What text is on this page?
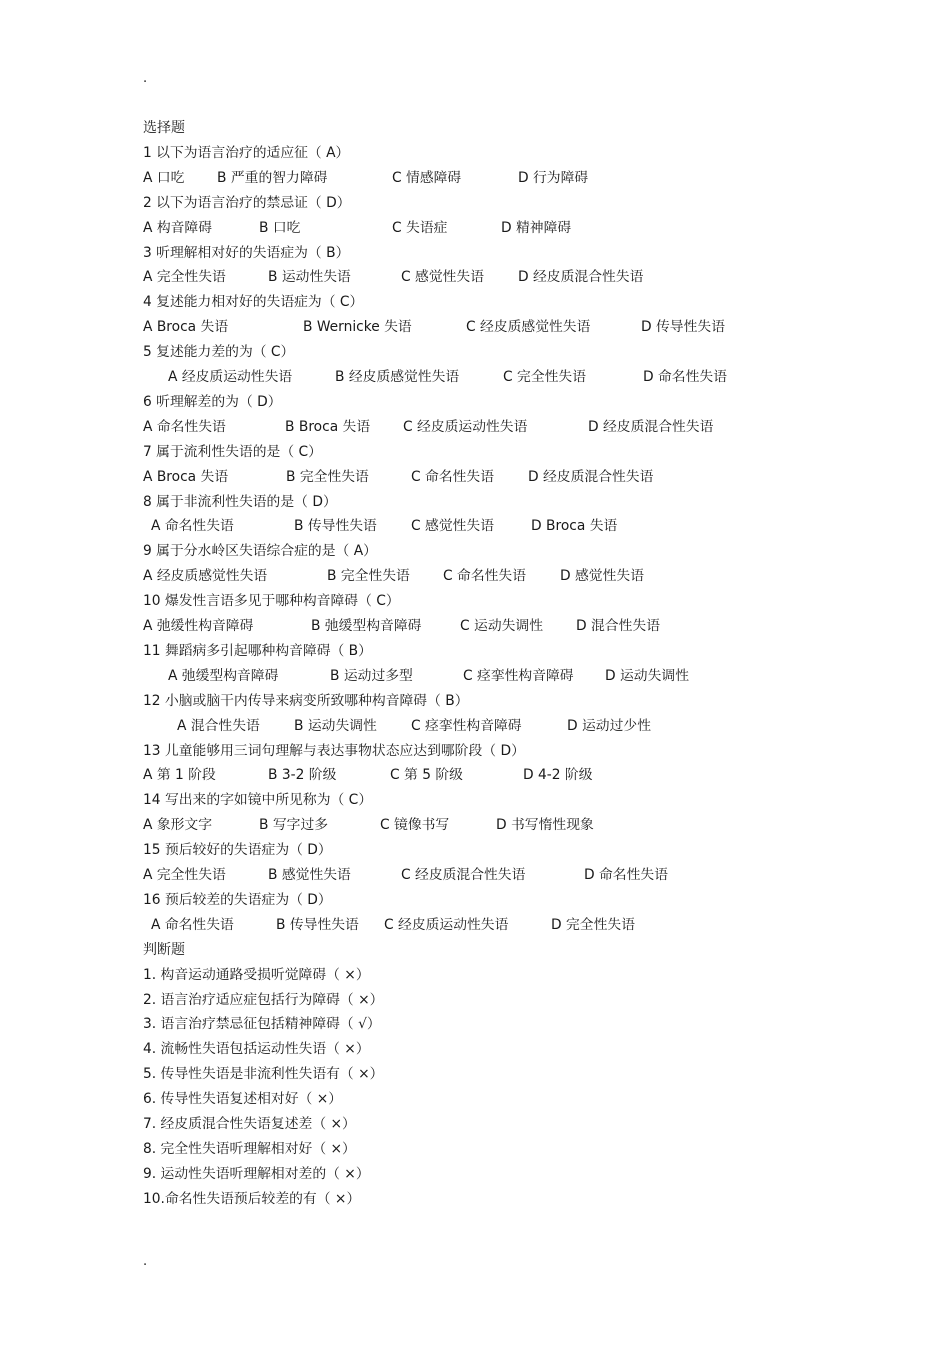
.
选择题
1 以下为语言治疗的适应征（ A）
A 口吃 B 严重的智力障碍	C 情感障碍	D 行为障碍
2 以下为语言治疗的禁忌证（ D）
A 构音障碍	B 口吃	C 失语症	D 精神障碍
3 听理解相对好的失语症为（ B）
A 完全性失语	B 运动性失语	C 感觉性失语 D 经皮质混合性失语
4 复述能力相对好的失语症为（ C）
A Broca 失语	B Wernicke 失语	C 经皮质感觉性失语	D 传导性失语
5 复述能力差的为（ C）
A 经皮质运动性失语	B 经皮质感觉性失语	C 完全性失语	D 命名性失语
6 听理解差的为（ D）
A 命名性失语	B Broca 失语 C 经皮质运动性失语	D 经皮质混合性失语
7 属于流利性失语的是（ C）
A Broca 失语	B 完全性失语	C 命名性失语 D 经皮质混合性失语
8 属于非流利性失语的是（ D）
A 命名性失语	B 传导性失语 C 感觉性失语	D Broca 失语
9 属于分水岭区失语综合症的是（ A）
A 经皮质感觉性失语	B 完全性失语 C 命名性失语 D 感觉性失语
10 爆发性言语多见于哪种构音障碍（ C）
A 弛缓性构音障碍	B 弛缓型构音障碍	C 运动失调性 D 混合性失语
11 舞蹈病多引起哪种构音障碍（ B）
A 弛缓型构音障碍	B 运动过多型	C 痉挛性构音障碍 D 运动失调性
12 小脑或脑干内传导来病变所致哪种构音障碍（ B）
A 混合性失语 B 运动失调性 C 痉挛性构音障碍	D 运动过少性
13 儿童能够用三词句理解与表达事物状态应达到哪阶段（ D）
A 第 1 阶段	B 3-2 阶级	C 第 5 阶级	D 4-2 阶级
14 写出来的字如镜中所见称为（ C）
A 象形文字	B 写字过多	C 镜像书写	D 书写惰性现象
15 预后较好的失语症为（ D）
A 完全性失语	B 感觉性失语	C 经皮质混合性失语	D 命名性失语
16 预后较差的失语症为（ D）
A 命名性失语	B 传导性失语 C 经皮质运动性失语	D 完全性失语
判断题
1. 构音运动通路受损听觉障碍（ ×）
2. 语言治疗适应症包括行为障碍（ ×）
3. 语言治疗禁忌征包括精神障碍（ √）
4. 流畅性失语包括运动性失语（ ×）
5. 传导性失语是非流利性失语有（ ×）
6. 传导性失语复述相对好（ ×）
7. 经皮质混合性失语复述差（ ×）
8. 完全性失语听理解相对好（ ×）
9. 运动性失语听理解相对差的（ ×）
10.命名性失语预后较差的有（ ×）
.
